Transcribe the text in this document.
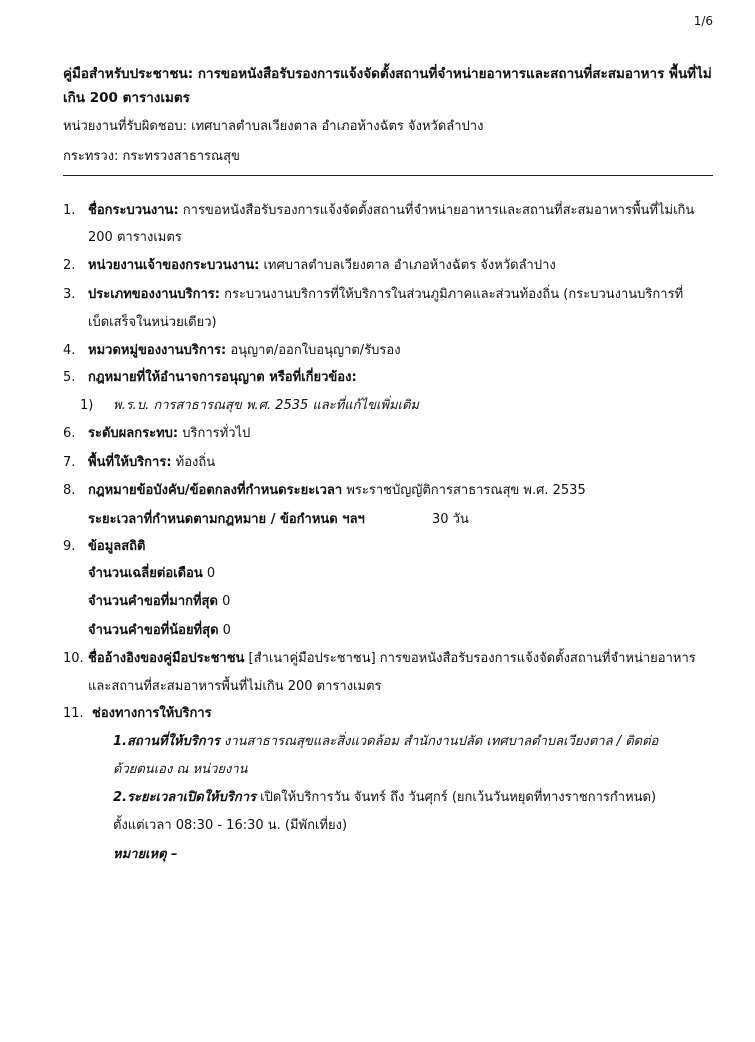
1/6
คู่มือสำหรับประชาชน: การขอหนังสือรับรองการแจ้งจัดตั้งสถานที่จำหน่ายอาหารและสถานที่สะสมอาหาร พื้นที่ไม่เกิน 200 ตารางเมตร
หน่วยงานที่รับผิดชอบ: เทศบาลตำบลเวียงตาล อำเภอห้างฉัตร จังหวัดลำปาง
กระทรวง: กระทรวงสาธารณสุข
1. ชื่อกระบวนงาน: การขอหนังสือรับรองการแจ้งจัดตั้งสถานที่จำหน่ายอาหารและสถานที่สะสมอาหารพื้นที่ไม่เกิน
200 ตารางเมตร
2. หน่วยงานเจ้าของกระบวนงาน: เทศบาลตำบลเวียงตาล อำเภอห้างฉัตร จังหวัดลำปาง
3. ประเภทของงานบริการ: กระบวนงานบริการที่ให้บริการในส่วนภูมิภาคและส่วนท้องถิ่น (กระบวนงานบริการที่
เบ็ดเสร็จในหน่วยเดียว)
4. หมวดหมู่ของงานบริการ: อนุญาต/ออกใบอนุญาต/รับรอง
5. กฎหมายที่ให้อำนาจการอนุญาต หรือที่เกี่ยวข้อง:
1) พ.ร.บ. การสาธารณสุข พ.ศ. 2535 และที่แก้ไขเพิ่มเติม
6. ระดับผลกระทบ: บริการทั่วไป
7. พื้นที่ให้บริการ: ท้องถิ่น
8. กฎหมายข้อบังคับ/ข้อตกลงที่กำหนดระยะเวลา พระราชบัญญัติการสาธารณสุข พ.ศ. 2535
ระยะเวลาที่กำหนดตามกฎหมาย / ข้อกำหนด ฯลฯ	30 วัน
9. ข้อมูลสถิติ
จำนวนเฉลี่ยต่อเดือน 0
จำนวนคำขอที่มากที่สุด 0
จำนวนคำขอที่น้อยที่สุด 0
10. ชื่ออ้างอิงของคู่มือประชาชน [สำเนาคู่มือประชาชน] การขอหนังสือรับรองการแจ้งจัดตั้งสถานที่จำหน่ายอาหาร
และสถานที่สะสมอาหารพื้นที่ไม่เกิน 200 ตารางเมตร
11. ช่องทางการให้บริการ
1.สถานที่ให้บริการ งานสาธารณสุขและสิ่งแวดล้อม สำนักงานปลัด เทศบาลตำบลเวียงตาล / ติดต่อ
ด้วยตนเอง ณ หน่วยงาน
2.ระยะเวลาเปิดให้บริการ เปิดให้บริการวัน จันทร์ ถึง วันศุกร์ (ยกเว้นวันหยุดที่ทางราชการกำหนด)
ตั้งแต่เวลา 08:30 - 16:30 น. (มีพักเที่ยง)
หมายเหตุ –
